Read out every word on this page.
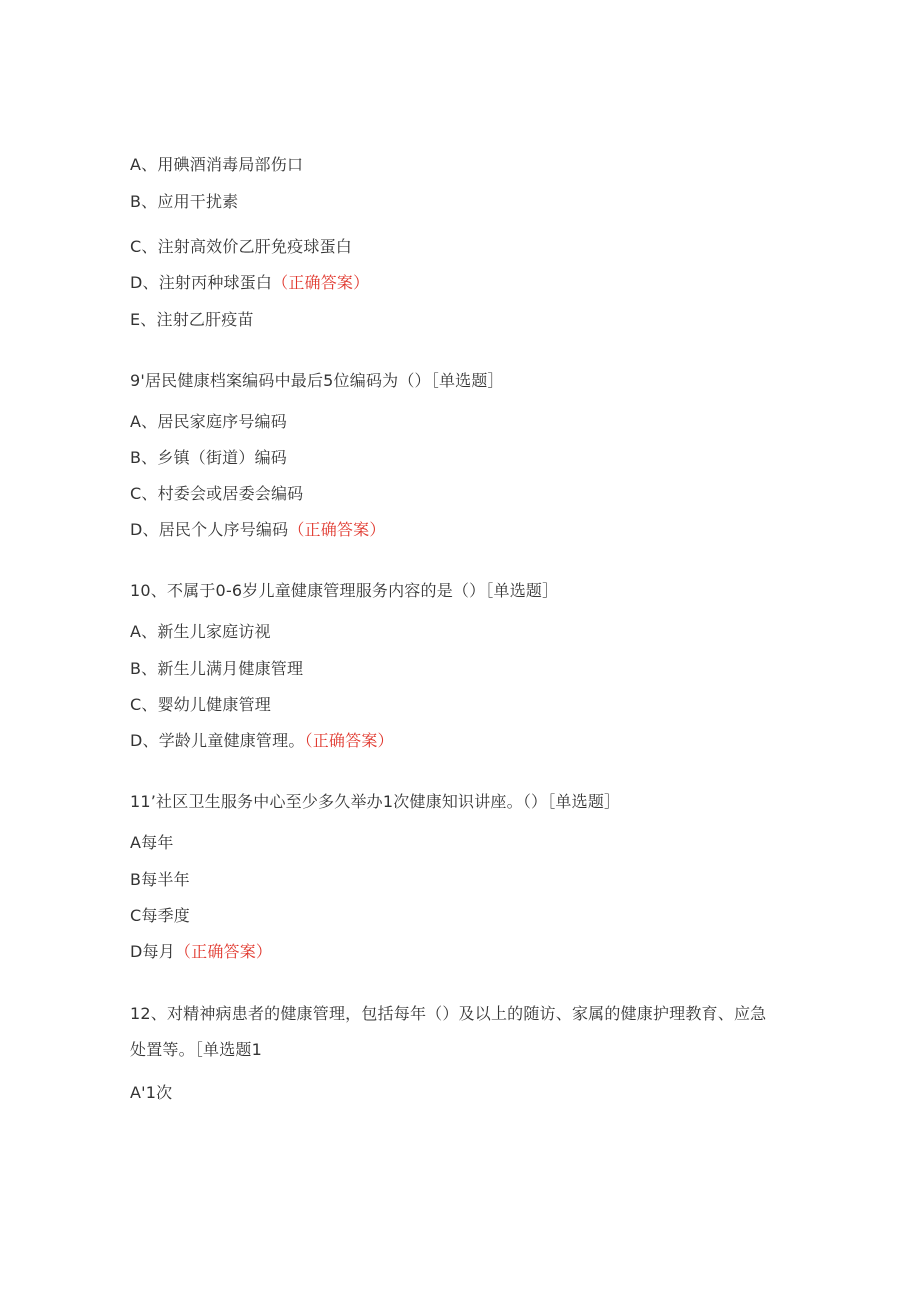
A、用碘酒消毒局部伤口
B、应用干扰素
C、注射高效价乙肝免疫球蛋白
D、注射丙种球蛋白（正确答案）
E、注射乙肝疫苗
9'居民健康档案编码中最后5位编码为（）［单选题］
A、居民家庭序号编码
B、乡镇（街道）编码
C、村委会或居委会编码
D、居民个人序号编码（正确答案）
10、不属于0-6岁儿童健康管理服务内容的是（）［单选题］
A、新生儿家庭访视
B、新生儿满月健康管理
C、婴幼儿健康管理
D、学龄儿童健康管理。（正确答案）
11’社区卫生服务中心至少多久举办1次健康知识讲座。（）［单选题］
A每年
B每半年
C每季度
D每月（正确答案）
12、对精神病患者的健康管理，包括每年（）及以上的随访、家属的健康护理教育、应急处置等。［单选题1
A'1次
